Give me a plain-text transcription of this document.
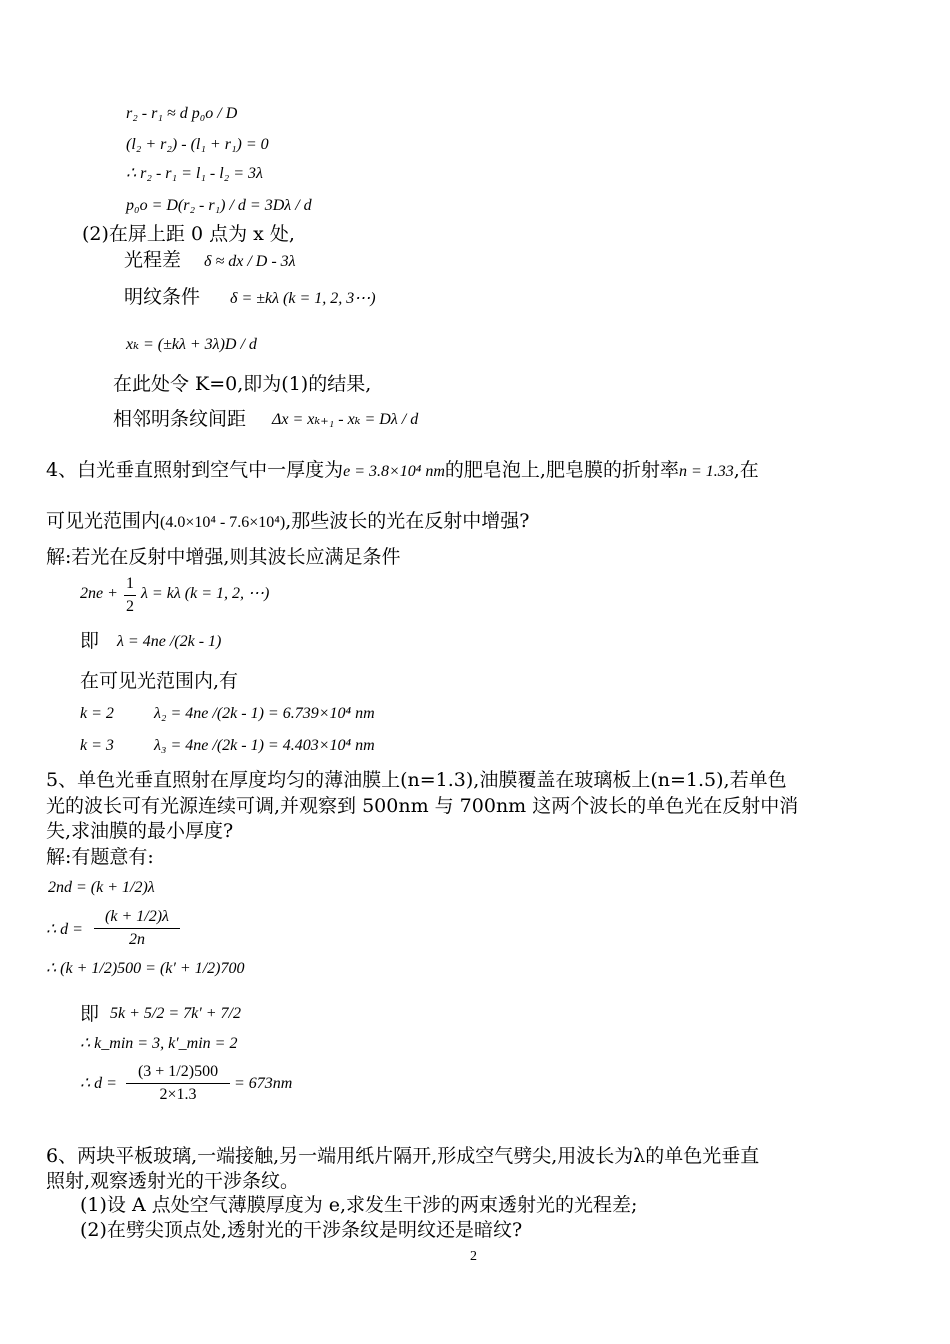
r₂ - r₁ ≈ d p₀o / D
(l₂ + r₂) - (l₁ + r₁) = 0
∴ r₂ - r₁ = l₁ - l₂ = 3λ
p₀o = D(r₂ - r₁) / d = 3Dλ / d
(2)在屏上距 0 点为 x 处,
光程差 δ ≈ dx / D - 3λ
明纹条件 δ = ±kλ (k = 1, 2, 3⋯)
xₖ = (±kλ + 3λ)D / d
在此处令 K=0,即为(1)的结果,
相邻明条纹间距 Δx = xₖ₊₁ - xₖ = Dλ / d
4、白光垂直照射到空气中一厚度为e = 3.8×10⁴ nm的肥皂泡上,肥皂膜的折射率n = 1.33,在
可见光范围内(4.0×10⁴ - 7.6×10⁴),那些波长的光在反射中增强?
解:若光在反射中增强,则其波长应满足条件
$2ne + \frac{1}{2}$ λ = kλ (k = 1, 2, ⋯)
即 λ = 4ne /(2k - 1)
在可见光范围内,有
k = 2	λ₂ = 4ne /(2k - 1) = 6.739×10⁴ nm
k = 3	λ₃ = 4ne /(2k - 1) = 4.403×10⁴ nm
5、单色光垂直照射在厚度均匀的薄油膜上(n=1.3),油膜覆盖在玻璃板上(n=1.5),若单色
光的波长可有光源连续可调,并观察到 500nm 与 700nm 这两个波长的单色光在反射中消
失,求油膜的最小厚度?
解:有题意有:
2nd = (k + 1/2)λ
∴ $d = \frac{(k + 1/2)\lambda}{2n}$
∴ (k + 1/2)500 = (k′ + 1/2)700
即 5k + 5/2 = 7k′ + 7/2
∴ k_min = 3, k′_min = 2
∴ $d = \frac{(3 + 1/2)500}{2\times 1.3} = 673nm$
6、两块平板玻璃,一端接触,另一端用纸片隔开,形成空气劈尖,用波长为λ的单色光垂直
照射,观察透射光的干涉条纹。
(1)设 A 点处空气薄膜厚度为 e,求发生干涉的两束透射光的光程差;
(2)在劈尖顶点处,透射光的干涉条纹是明纹还是暗纹?
2
